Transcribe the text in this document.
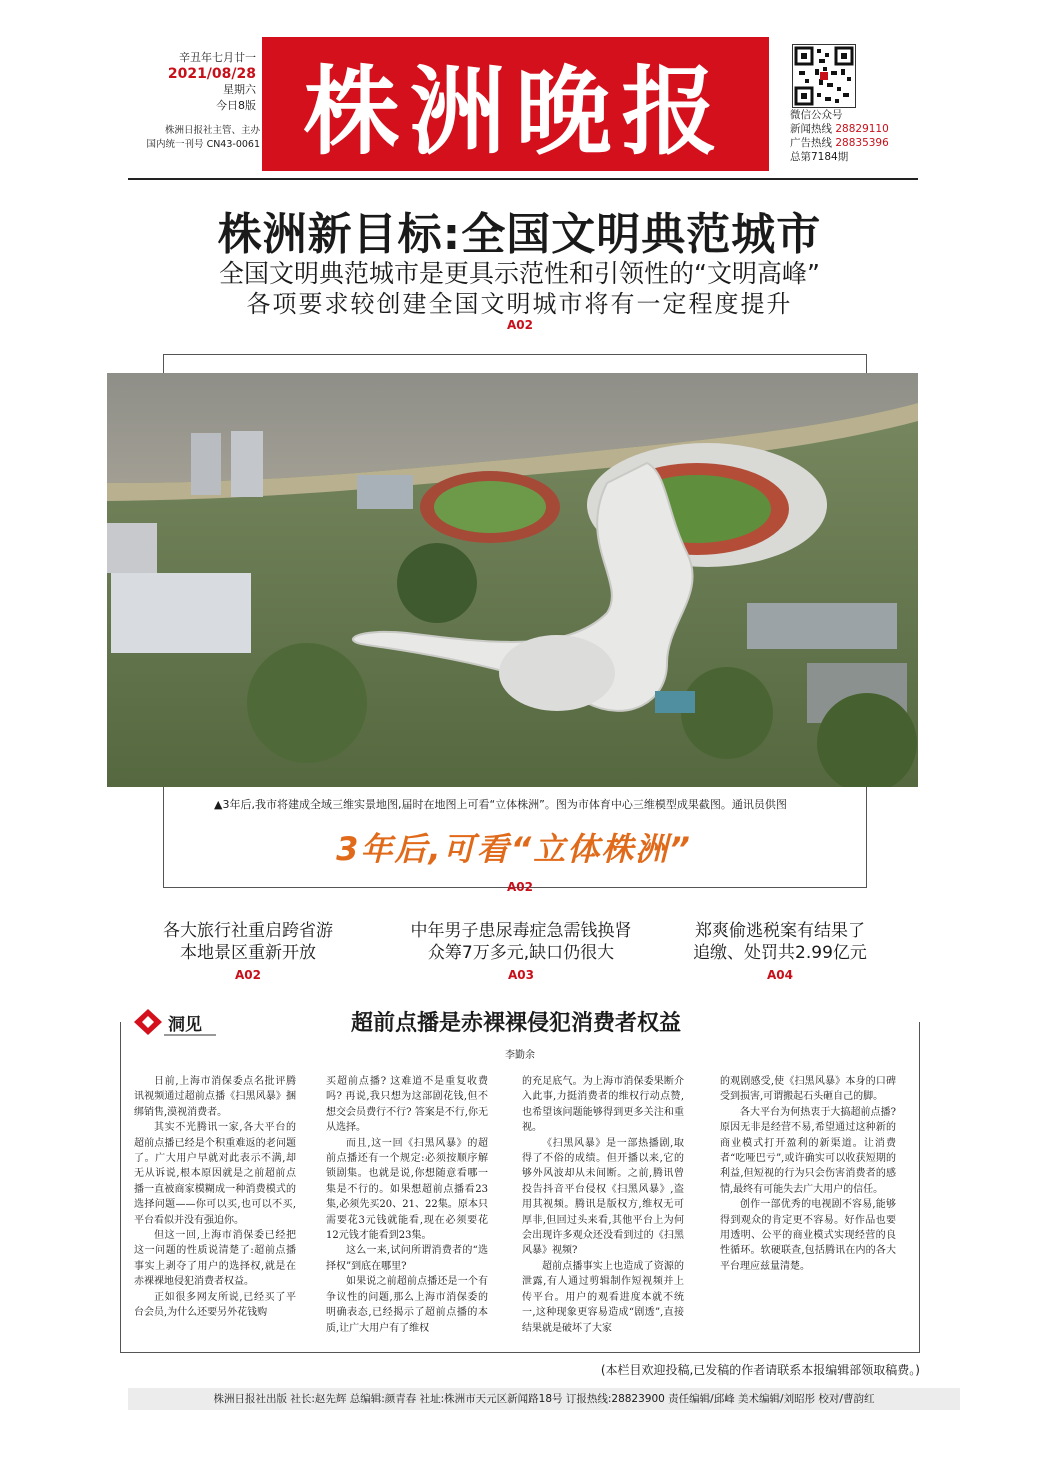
辛丑年七月廿一
2021/08/28
星期六
今日8版
株洲日报社主管、主办
国内统一刊号 CN43-0061 株洲晚报	微信公众号
新闻热线 28829110
广告热线 28835396
总第7184期
株洲新目标:全国文明典范城市
全国文明典范城市是更具示范性和引领性的“文明高峰”
各项要求较创建全国文明城市将有一定程度提升
A02
▲3年后,我市将建成全域三维实景地图,届时在地图上可看“立体株洲”。图为市体育中心三维模型成果截图。通讯员供图
3年后,可看“立体株洲”
A02
各大旅行社重启跨省游
本地景区重新开放
A02
中年男子患尿毒症急需钱换肾
众筹7万多元,缺口仍很大
A03
郑爽偷逃税案有结果了
追缴、处罚共2.99亿元
A04
洞见	超前点播是赤裸裸侵犯消费者权益
李勤余

日前,上海市消保委点名批评腾讯视频通过超前点播《扫黑风暴》捆绑销售,漠视消费者。

其实不光腾讯一家,各大平台的超前点播已经是个积重难返的老问题了。广大用户早就对此表示不满,却无从诉说,根本原因就是之前超前点播一直被商家模糊成一种消费模式的选择问题——你可以买,也可以不买,平台看似并没有强迫你。

但这一回,上海市消保委已经把这一问题的性质说清楚了:超前点播事实上剥夺了用户的选择权,就是在赤裸裸地侵犯消费者权益。

正如很多网友所说,已经买了平台会员,为什么还要另外花钱购

买超前点播? 这难道不是重复收费吗? 再说,我只想为这部剧花钱,但不想交会员费行不行? 答案是不行,你无从选择。

而且,这一回《扫黑风暴》的超前点播还有一个规定:必须按顺序解锁剧集。也就是说,你想随意看哪一集是不行的。如果想超前点播看23集,必须先买20、21、22集。原本只需要花3元钱就能看,现在必须要花12元钱才能看到23集。

这么一来,试问所谓消费者的“选择权”到底在哪里?

如果说之前超前点播还是一个有争议性的问题,那么上海市消保委的明确表态,已经揭示了超前点播的本质,让广大用户有了维权

的充足底气。为上海市消保委果断介入此事,力挺消费者的维权行动点赞,也希望该问题能够得到更多关注和重视。

《扫黑风暴》是一部热播剧,取得了不俗的成绩。但开播以来,它的够外风波却从未间断。之前,腾讯曾投告抖音平台侵权《扫黑风暴》,盗用其视频。腾讯是版权方,维权无可厚非,但回过头来看,其他平台上为何会出现许多观众还没看到过的《扫黑风暴》视频?

超前点播事实上也造成了资源的泄露,有人通过剪辑制作短视频并上传平台。用户的观看进度本就不统一,这种现象更容易造成“剧透”,直接结果就是破坏了大家

的观剧感受,使《扫黑风暴》本身的口碑受到损害,可谓搬起石头砸自己的脚。

各大平台为何热衷于大搞超前点播? 原因无非是经营不易,希望通过这种新的商业模式打开盈利的新渠道。让消费者“吃哑巴亏”,或许确实可以收获短期的利益,但短视的行为只会伤害消费者的感情,最终有可能失去广大用户的信任。

创作一部优秀的电视剧不容易,能够得到观众的肯定更不容易。好作品也要用透明、公平的商业模式实现经营的良性循环。软硬联查,包括腾讯在内的各大平台理应兹量清楚。

(本栏目欢迎投稿,已发稿的作者请联系本报编辑部领取稿费。)
株洲日报社出版 社长:赵先辉 总编辑:颜青春 社址:株洲市天元区新闻路18号 订报热线:28823900 责任编辑/邱峰 美术编辑/刘昭彤 校对/曹韵红
